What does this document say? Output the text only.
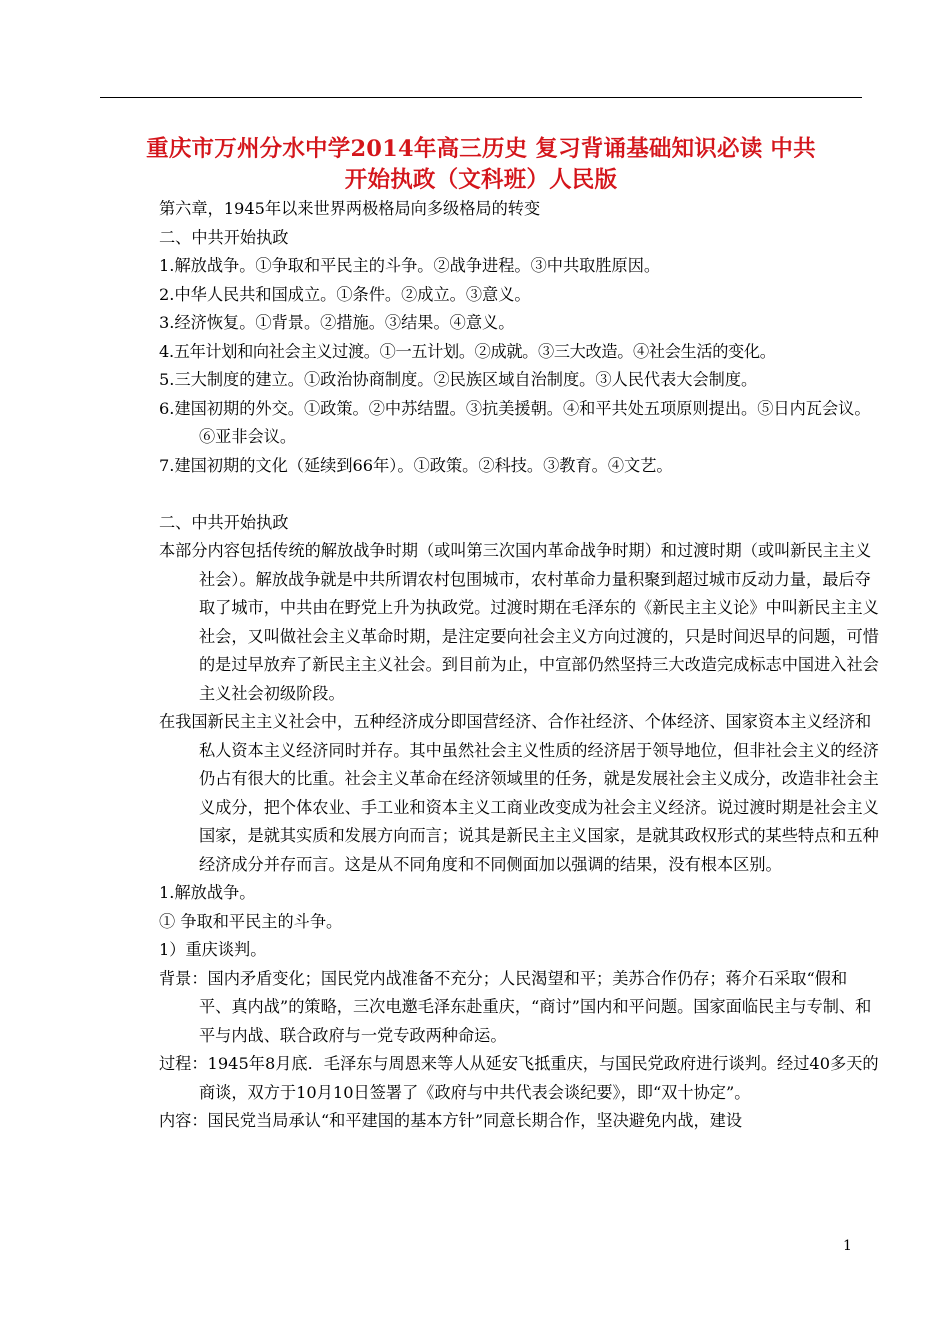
重庆市万州分水中学2014年高三历史 复习背诵基础知识必读 中共
开始执政（文科班）人民版

第六章，1945年以来世界两极格局向多级格局的转变

二、中共开始执政

1.解放战争。①争取和平民主的斗争。②战争进程。③中共取胜原因。

2.中华人民共和国成立。①条件。②成立。③意义。

3.经济恢复。①背景。②措施。③结果。④意义。

4.五年计划和向社会主义过渡。①一五计划。②成就。③三大改造。④社会生活的变化。

5.三大制度的建立。①政治协商制度。②民族区域自治制度。③人民代表大会制度。

6.建国初期的外交。①政策。②中苏结盟。③抗美援朝。④和平共处五项原则提出。⑤日内瓦会议。⑥亚非会议。

7.建国初期的文化（延续到66年）。①政策。②科技。③教育。④文艺。

二、中共开始执政

本部分内容包括传统的解放战争时期（或叫第三次国内革命战争时期）和过渡时期（或叫新民主主义社会）。解放战争就是中共所谓农村包围城市，农村革命力量积聚到超过城市反动力量，最后夺取了城市，中共由在野党上升为执政党。过渡时期在毛泽东的《新民主主义论》中叫新民主主义社会，又叫做社会主义革命时期，是注定要向社会主义方向过渡的，只是时间迟早的问题，可惜的是过早放弃了新民主主义社会。到目前为止，中宣部仍然坚持三大改造完成标志中国进入社会主义社会初级阶段。

在我国新民主主义社会中，五种经济成分即国营经济、合作社经济、个体经济、国家资本主义经济和私人资本主义经济同时并存。其中虽然社会主义性质的经济居于领导地位，但非社会主义的经济仍占有很大的比重。社会主义革命在经济领域里的任务，就是发展社会主义成分，改造非社会主义成分，把个体农业、手工业和资本主义工商业改变成为社会主义经济。说过渡时期是社会主义国家，是就其实质和发展方向而言；说其是新民主主义国家，是就其政权形式的某些特点和五种经济成分并存而言。这是从不同角度和不同侧面加以强调的结果，没有根本区别。

1.解放战争。

① 争取和平民主的斗争。

1）重庆谈判。

背景：国内矛盾变化；国民党内战准备不充分；人民渴望和平；美苏合作仍存；蒋介石采取“假和平、真内战”的策略，三次电邀毛泽东赴重庆，“商讨”国内和平问题。国家面临民主与专制、和平与内战、联合政府与一党专政两种命运。

过程：1945年8月底．毛泽东与周恩来等人从延安飞抵重庆，与国民党政府进行谈判。经过40多天的商谈，双方于10月10日签署了《政府与中共代表会谈纪要》，即“双十协定”。

内容：国民党当局承认“和平建国的基本方针”同意长期合作，坚决避免内战，建设

1
